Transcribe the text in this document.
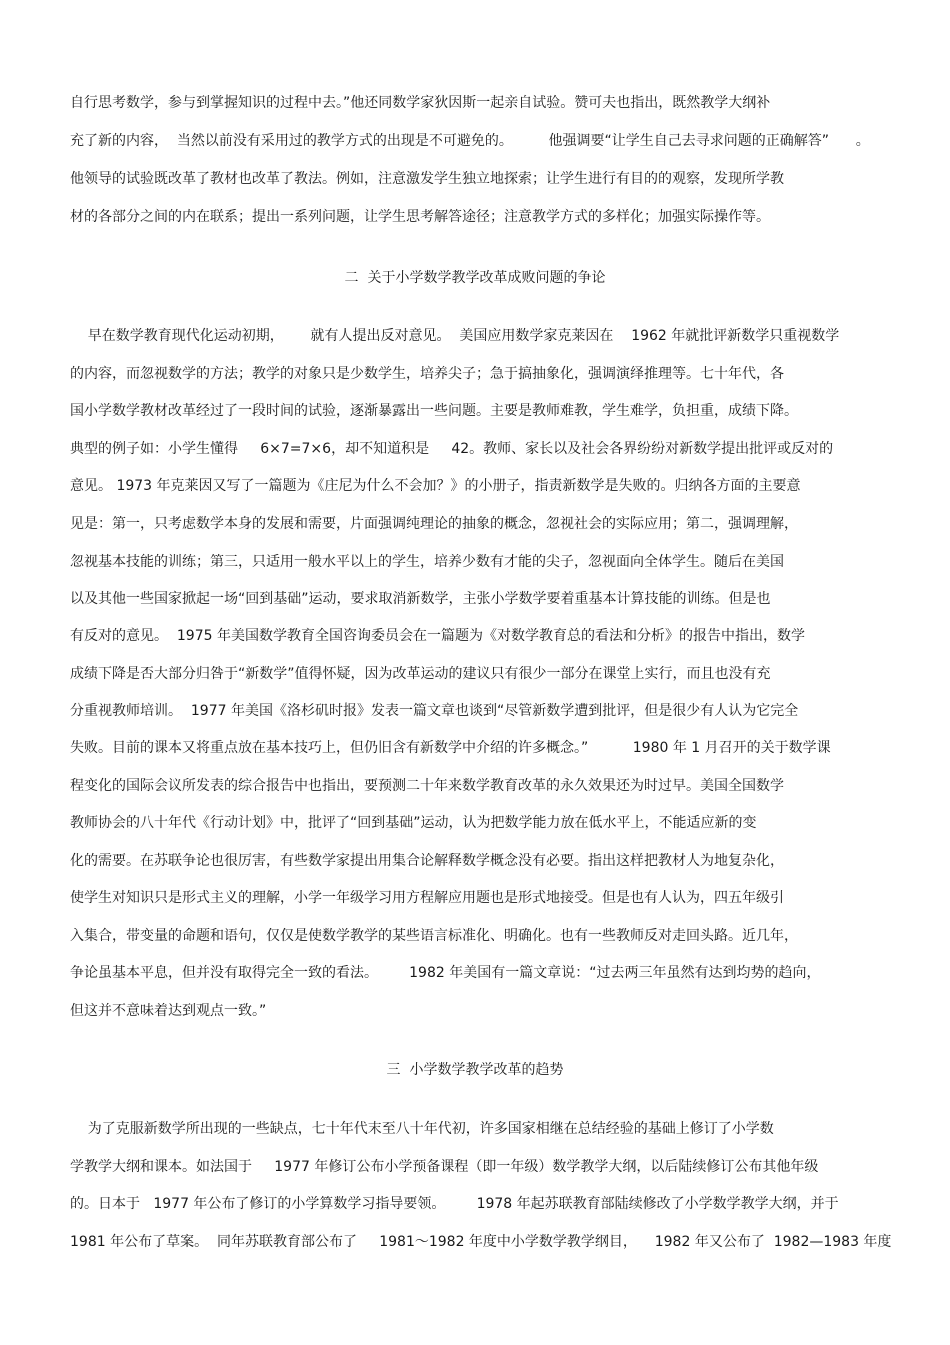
自行思考数学，参与到掌握知识的过程中去。”他还同数学家狄因斯一起亲自试验。赞可夫也指出，既然教学大纲补
充了新的内容，  当然以前没有采用过的教学方式的出现是不可避免的。        他强调要“让学生自己去寻求问题的正确解答”      。
他领导的试验既改革了教材也改革了教法。例如，注意激发学生独立地探索；让学生进行有目的的观察，发现所学教
材的各部分之间的内在联系；提出一系列问题，让学生思考解答途径；注意教学方式的多样化；加强实际操作等。
二  关于小学数学教学改革成败问题的争论
早在数学教育现代化运动初期，      就有人提出反对意见。  美国应用数学家克莱因在    1962 年就批评新数学只重视数学
的内容，而忽视数学的方法；教学的对象只是少数学生，培养尖子；急于搞抽象化，强调演绎推理等。七十年代，各
国小学数学教材改革经过了一段时间的试验，逐渐暴露出一些问题。主要是教师难教，学生难学，负担重，成绩下降。
典型的例子如：小学生懂得     6×7=7×6，却不知道积是     42。教师、家长以及社会各界纷纷对新数学提出批评或反对的
意见。 1973 年克莱因又写了一篇题为《庄尼为什么不会加？》的小册子，指责新数学是失败的。归纳各方面的主要意
见是：第一，只考虑数学本身的发展和需要，片面强调纯理论的抽象的概念，忽视社会的实际应用；第二，强调理解，
忽视基本技能的训练；第三，只适用一般水平以上的学生，培养少数有才能的尖子，忽视面向全体学生。随后在美国
以及其他一些国家掀起一场“回到基础”运动，要求取消新数学，主张小学数学要着重基本计算技能的训练。但是也
有反对的意见。  1975 年美国数学教育全国咨询委员会在一篇题为《对数学教育总的看法和分析》的报告中指出，数学
成绩下降是否大部分归咎于“新数学”值得怀疑，因为改革运动的建议只有很少一部分在课堂上实行，而且也没有充
分重视教师培训。  1977 年美国《洛杉矶时报》发表一篇文章也谈到“尽管新数学遭到批评，但是很少有人认为它完全
失败。目前的课本又将重点放在基本技巧上，但仍旧含有新数学中介绍的许多概念。”          1980 年 1 月召开的关于数学课
程变化的国际会议所发表的综合报告中也指出，要预测二十年来数学教育改革的永久效果还为时过早。美国全国数学
教师协会的八十年代《行动计划》中，批评了“回到基础”运动，认为把数学能力放在低水平上，不能适应新的变
化的需要。在苏联争论也很厉害，有些数学家提出用集合论解释数学概念没有必要。指出这样把教材人为地复杂化，
使学生对知识只是形式主义的理解，小学一年级学习用方程解应用题也是形式地接受。但是也有人认为，四五年级引
入集合，带变量的命题和语句，仅仅是使数学教学的某些语言标准化、明确化。也有一些教师反对走回头路。近几年，
争论虽基本平息，但并没有取得完全一致的看法。       1982 年美国有一篇文章说：“过去两三年虽然有达到均势的趋向，
但这并不意味着达到观点一致。”
三  小学数学教学改革的趋势
为了克服新数学所出现的一些缺点，七十年代末至八十年代初，许多国家相继在总结经验的基础上修订了小学数
学教学大纲和课本。如法国于     1977 年修订公布小学预备课程（即一年级）数学教学大纲，以后陆续修订公布其他年级
的。日本于   1977 年公布了修订的小学算数学习指导要领。       1978 年起苏联教育部陆续修改了小学数学教学大纲，并于
1981 年公布了草案。  同年苏联教育部公布了     1981～1982 年度中小学数学教学纲目，    1982 年又公布了  1982—1983 年度
